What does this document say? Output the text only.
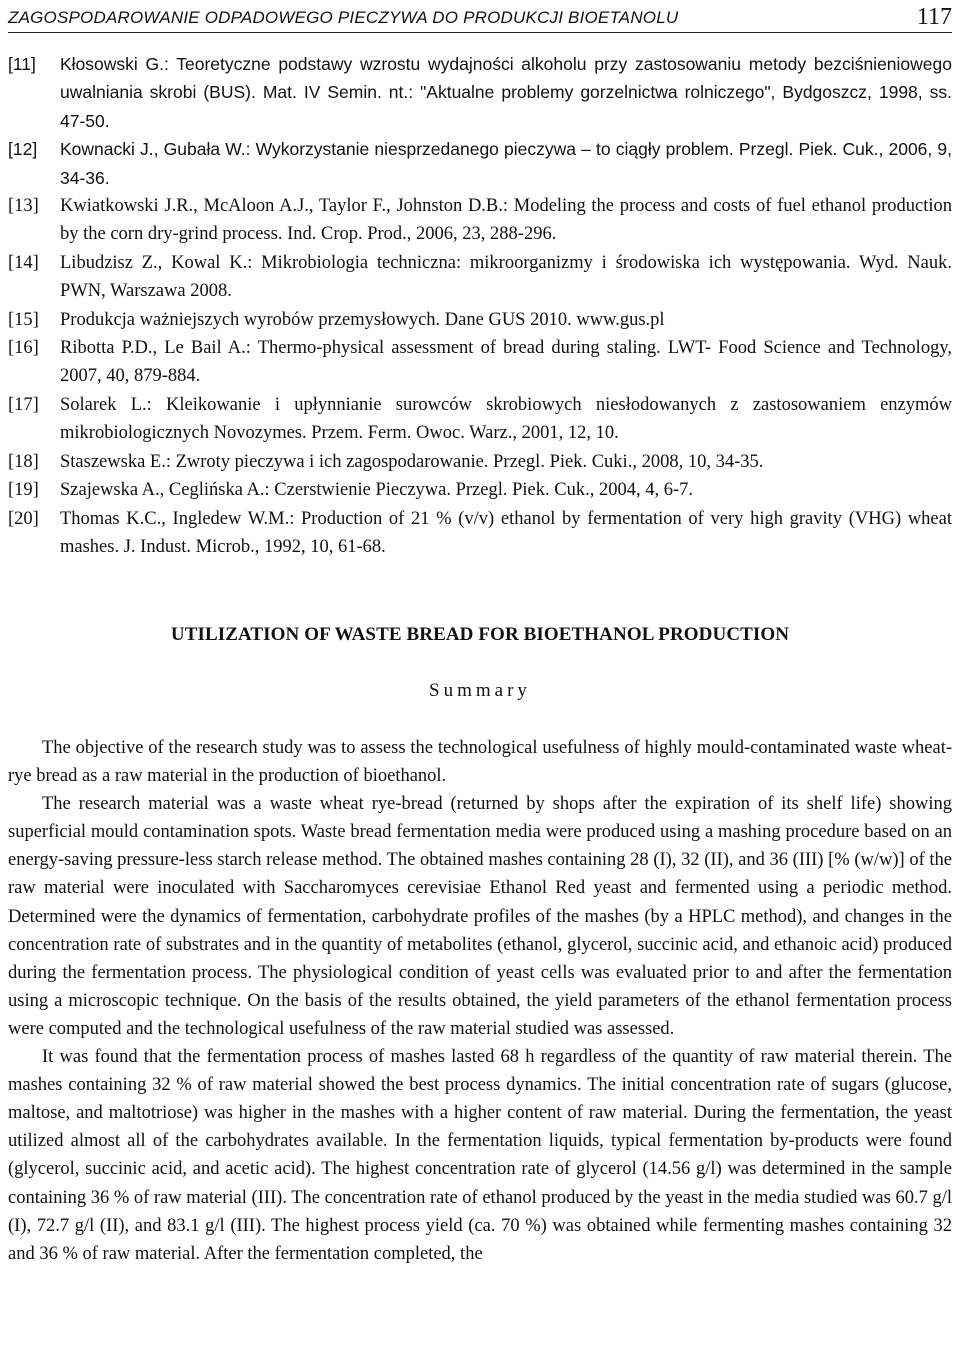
ZAGOSPODAROWANIE ODPADOWEGO PIECZYWA DO PRODUKCJI BIOETANOLU	117
[11] Kłosowski G.: Teoretyczne podstawy wzrostu wydajności alkoholu przy zastosowaniu metody bezciśnieniowego uwalniania skrobi (BUS). Mat. IV Semin. nt.: "Aktualne problemy gorzelnictwa rolniczego", Bydgoszcz, 1998, ss. 47-50.
[12] Kownacki J., Gubała W.: Wykorzystanie niesprzedanego pieczywa – to ciągły problem. Przegl. Piek. Cuk., 2006, 9, 34-36.
[13] Kwiatkowski J.R., McAloon A.J., Taylor F., Johnston D.B.: Modeling the process and costs of fuel ethanol production by the corn dry-grind process. Ind. Crop. Prod., 2006, 23, 288-296.
[14] Libudzisz Z., Kowal K.: Mikrobiologia techniczna: mikroorganizmy i środowiska ich występowania. Wyd. Nauk. PWN, Warszawa 2008.
[15] Produkcja ważniejszych wyrobów przemysłowych. Dane GUS 2010. www.gus.pl
[16] Ribotta P.D., Le Bail A.: Thermo-physical assessment of bread during staling. LWT- Food Science and Technology, 2007, 40, 879-884.
[17] Solarek L.: Kleikowanie i upłynnianie surowców skrobiowych niesłodowanych z zastosowaniem enzymów mikrobiologicznych Novozymes. Przem. Ferm. Owoc. Warz., 2001, 12, 10.
[18] Staszewska E.: Zwroty pieczywa i ich zagospodarowanie. Przegl. Piek. Cuki., 2008, 10, 34-35.
[19] Szajewska A., Ceglińska A.: Czerstwienie Pieczywa. Przegl. Piek. Cuk., 2004, 4, 6-7.
[20] Thomas K.C., Ingledew W.M.: Production of 21 % (v/v) ethanol by fermentation of very high gravity (VHG) wheat mashes. J. Indust. Microb., 1992, 10, 61-68.
UTILIZATION OF WASTE BREAD FOR BIOETHANOL PRODUCTION
Summary

The objective of the research study was to assess the technological usefulness of highly mould-contaminated waste wheat-rye bread as a raw material in the production of bioethanol.

The research material was a waste wheat rye-bread (returned by shops after the expiration of its shelf life) showing superficial mould contamination spots. Waste bread fermentation media were produced using a mashing procedure based on an energy-saving pressure-less starch release method. The obtained mashes containing 28 (I), 32 (II), and 36 (III) [% (w/w)] of the raw material were inoculated with Saccharomyces cerevisiae Ethanol Red yeast and fermented using a periodic method. Determined were the dynamics of fermentation, carbohydrate profiles of the mashes (by a HPLC method), and changes in the concentration rate of substrates and in the quantity of metabolites (ethanol, glycerol, succinic acid, and ethanoic acid) produced during the fermentation process. The physiological condition of yeast cells was evaluated prior to and after the fermentation using a microscopic technique. On the basis of the results obtained, the yield parameters of the ethanol fermentation process were computed and the technological usefulness of the raw material studied was assessed.

It was found that the fermentation process of mashes lasted 68 h regardless of the quantity of raw material therein. The mashes containing 32 % of raw material showed the best process dynamics. The initial concentration rate of sugars (glucose, maltose, and maltotriose) was higher in the mashes with a higher content of raw material. During the fermentation, the yeast utilized almost all of the carbohydrates available. In the fermentation liquids, typical fermentation by-products were found (glycerol, succinic acid, and acetic acid). The highest concentration rate of glycerol (14.56 g/l) was determined in the sample containing 36 % of raw material (III). The concentration rate of ethanol produced by the yeast in the media studied was 60.7 g/l (I), 72.7 g/l (II), and 83.1 g/l (III). The highest process yield (ca. 70 %) was obtained while fermenting mashes containing 32 and 36 % of raw material. After the fermentation completed, the
